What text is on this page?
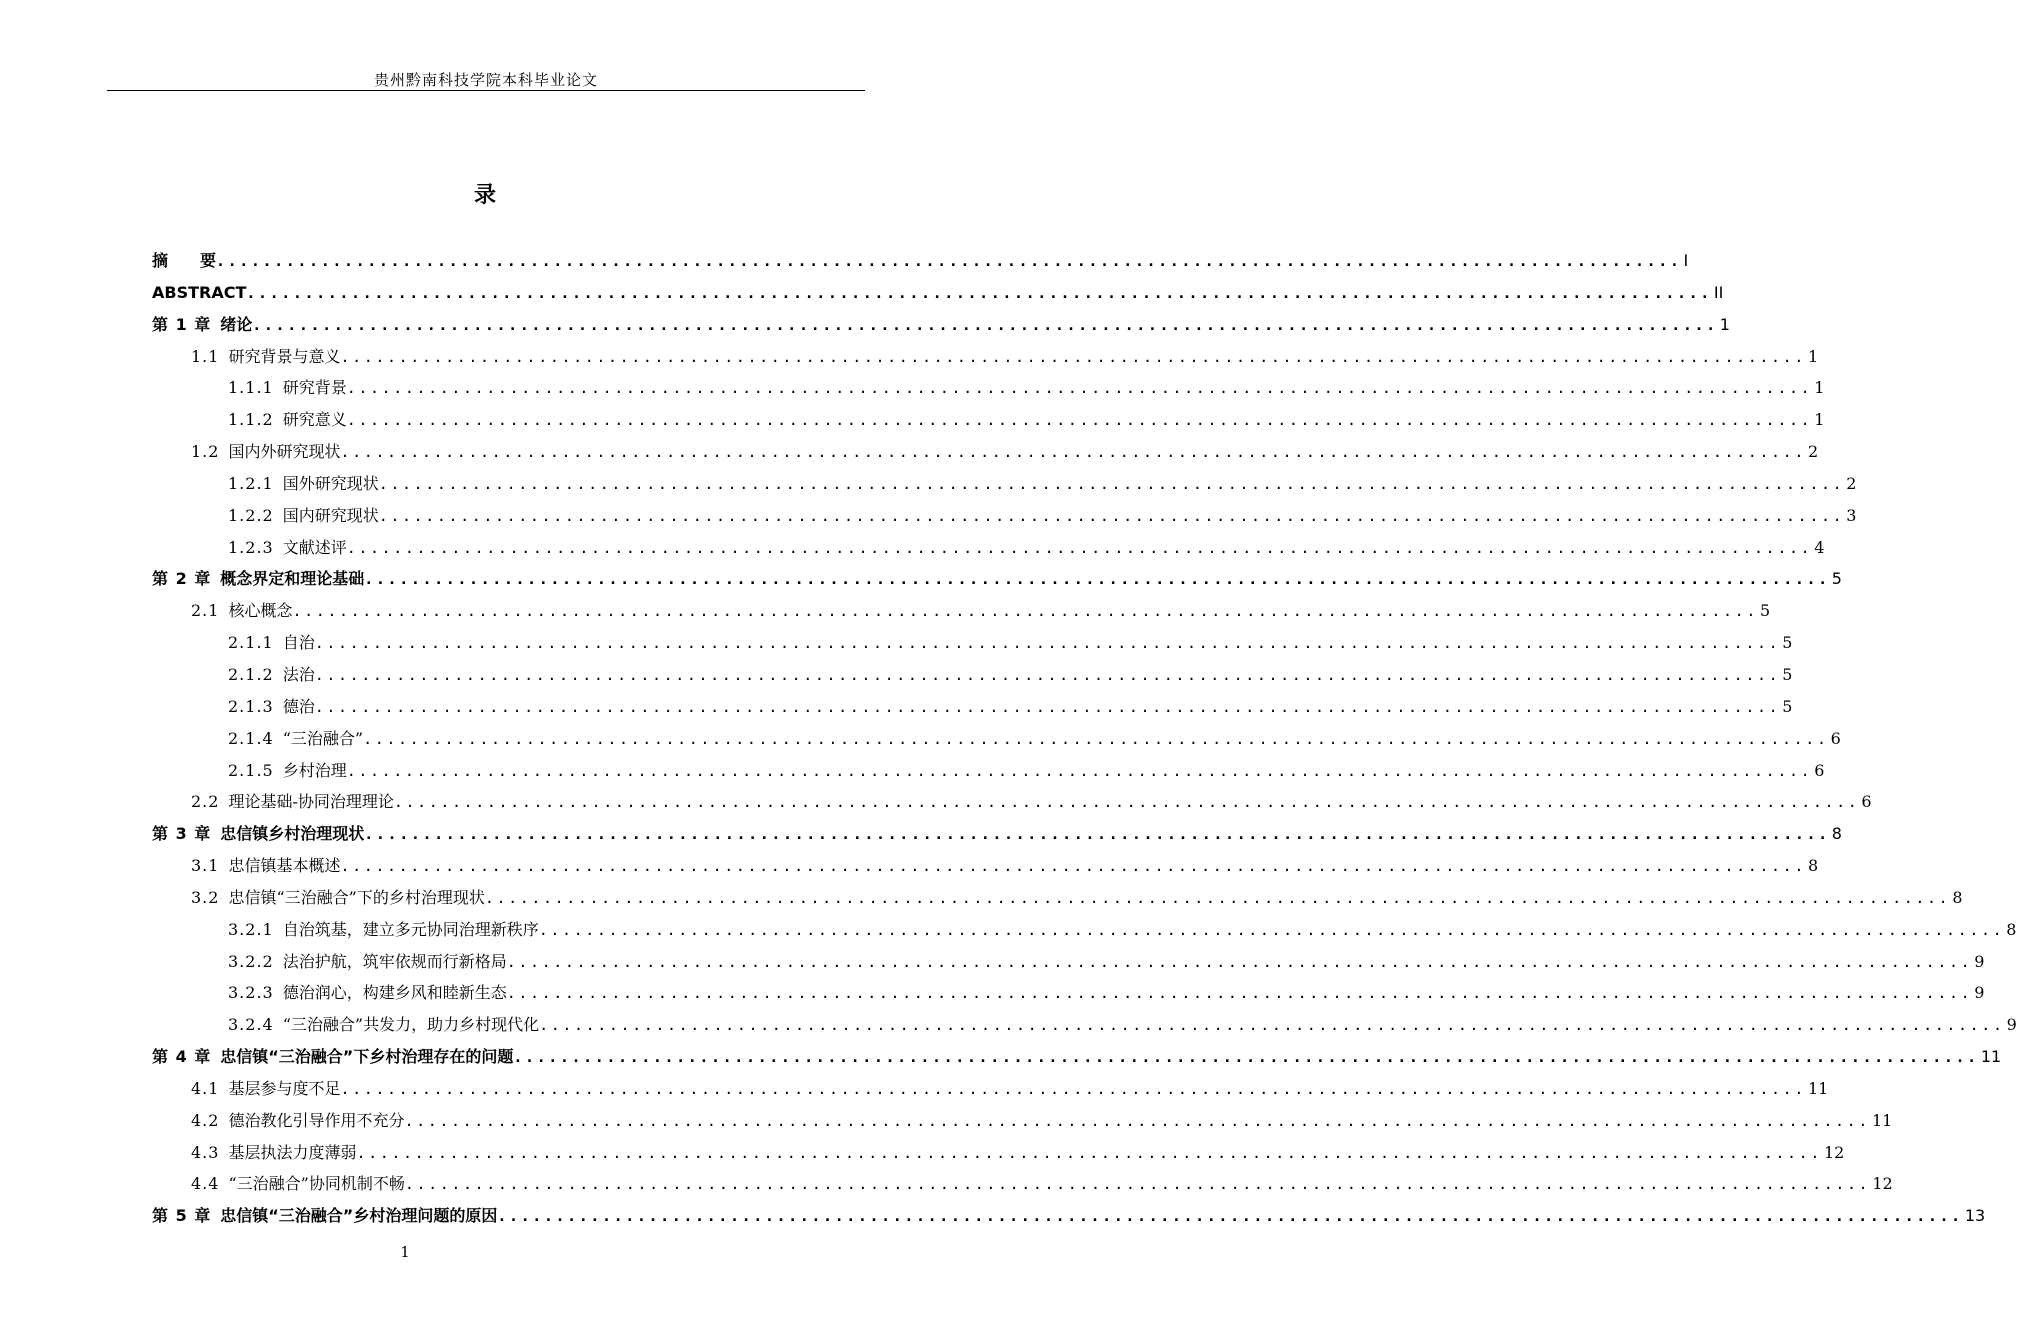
贵州黔南科技学院本科毕业论文
录
摘　　要 .............................................................................................................................. I
ABSTRACT .............................................................................................................................. II
第 1 章 绪论 .............................................................................................................................. 1
1.1 研究背景与意义 .............................................................................................................................. 1
1.1.1 研究背景 .............................................................................................................................. 1
1.1.2 研究意义 .............................................................................................................................. 1
1.2 国内外研究现状 .............................................................................................................................. 2
1.2.1 国外研究现状 .............................................................................................................................. 2
1.2.2 国内研究现状 .............................................................................................................................. 3
1.2.3 文献述评 .............................................................................................................................. 4
第 2 章 概念界定和理论基础 .............................................................................................................................. 5
2.1 核心概念 .............................................................................................................................. 5
2.1.1 自治 .............................................................................................................................. 5
2.1.2 法治 .............................................................................................................................. 5
2.1.3 德治 .............................................................................................................................. 5
2.1.4 “三治融合” .............................................................................................................................. 6
2.1.5 乡村治理 .............................................................................................................................. 6
2.2 理论基础-协同治理理论 .............................................................................................................................. 6
第 3 章 忠信镇乡村治理现状 .............................................................................................................................. 8
3.1 忠信镇基本概述 .............................................................................................................................. 8
3.2 忠信镇“三治融合”下的乡村治理现状 .............................................................................................................................. 8
3.2.1 自治筑基，建立多元协同治理新秩序 .............................................................................................................................. 8
3.2.2 法治护航，筑牢依规而行新格局 .............................................................................................................................. 9
3.2.3 德治润心，构建乡风和睦新生态 .............................................................................................................................. 9
3.2.4 “三治融合”共发力，助力乡村现代化 .............................................................................................................................. 9
第 4 章 忠信镇“三治融合”下乡村治理存在的问题 .............................................................................................................................. 11
4.1 基层参与度不足 .............................................................................................................................. 11
4.2 德治教化引导作用不充分 .............................................................................................................................. 11
4.3 基层执法力度薄弱 .............................................................................................................................. 12
4.4 “三治融合”协同机制不畅 .............................................................................................................................. 12
第 5 章 忠信镇“三治融合”乡村治理问题的原因 .............................................................................................................................. 13
1
